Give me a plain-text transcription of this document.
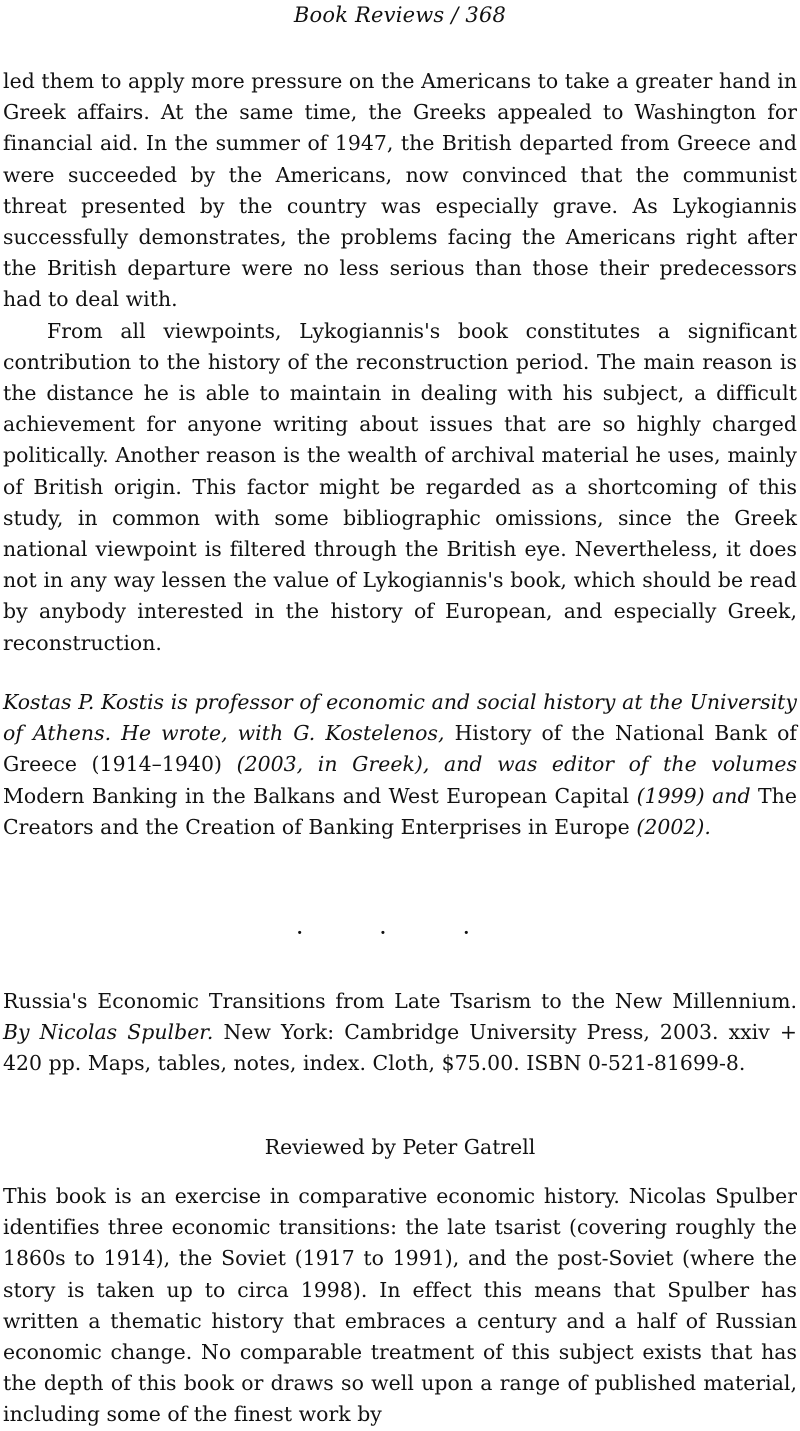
Book Reviews / 368

led them to apply more pressure on the Americans to take a greater hand in Greek affairs. At the same time, the Greeks appealed to Washington for financial aid. In the summer of 1947, the British departed from Greece and were succeeded by the Americans, now convinced that the communist threat presented by the country was especially grave. As Lykogiannis successfully demonstrates, the problems facing the Americans right after the British departure were no less serious than those their predecessors had to deal with.

From all viewpoints, Lykogiannis's book constitutes a significant contribution to the history of the reconstruction period. The main reason is the distance he is able to maintain in dealing with his subject, a difficult achievement for anyone writing about issues that are so highly charged politically. Another reason is the wealth of archival material he uses, mainly of British origin. This factor might be regarded as a shortcoming of this study, in common with some bibliographic omissions, since the Greek national viewpoint is filtered through the British eye. Nevertheless, it does not in any way lessen the value of Lykogiannis's book, which should be read by anybody interested in the history of European, and especially Greek, reconstruction.

Kostas P. Kostis is professor of economic and social history at the University of Athens. He wrote, with G. Kostelenos, History of the National Bank of Greece (1914–1940) (2003, in Greek), and was editor of the volumes Modern Banking in the Balkans and West European Capital (1999) and The Creators and the Creation of Banking Enterprises in Europe (2002).

· · ·

Russia's Economic Transitions from Late Tsarism to the New Millennium. By Nicolas Spulber. New York: Cambridge University Press, 2003. xxiv + 420 pp. Maps, tables, notes, index. Cloth, $75.00. ISBN 0-521-81699-8.

Reviewed by Peter Gatrell

This book is an exercise in comparative economic history. Nicolas Spulber identifies three economic transitions: the late tsarist (covering roughly the 1860s to 1914), the Soviet (1917 to 1991), and the post-Soviet (where the story is taken up to circa 1998). In effect this means that Spulber has written a thematic history that embraces a century and a half of Russian economic change. No comparable treatment of this subject exists that has the depth of this book or draws so well upon a range of published material, including some of the finest work by
